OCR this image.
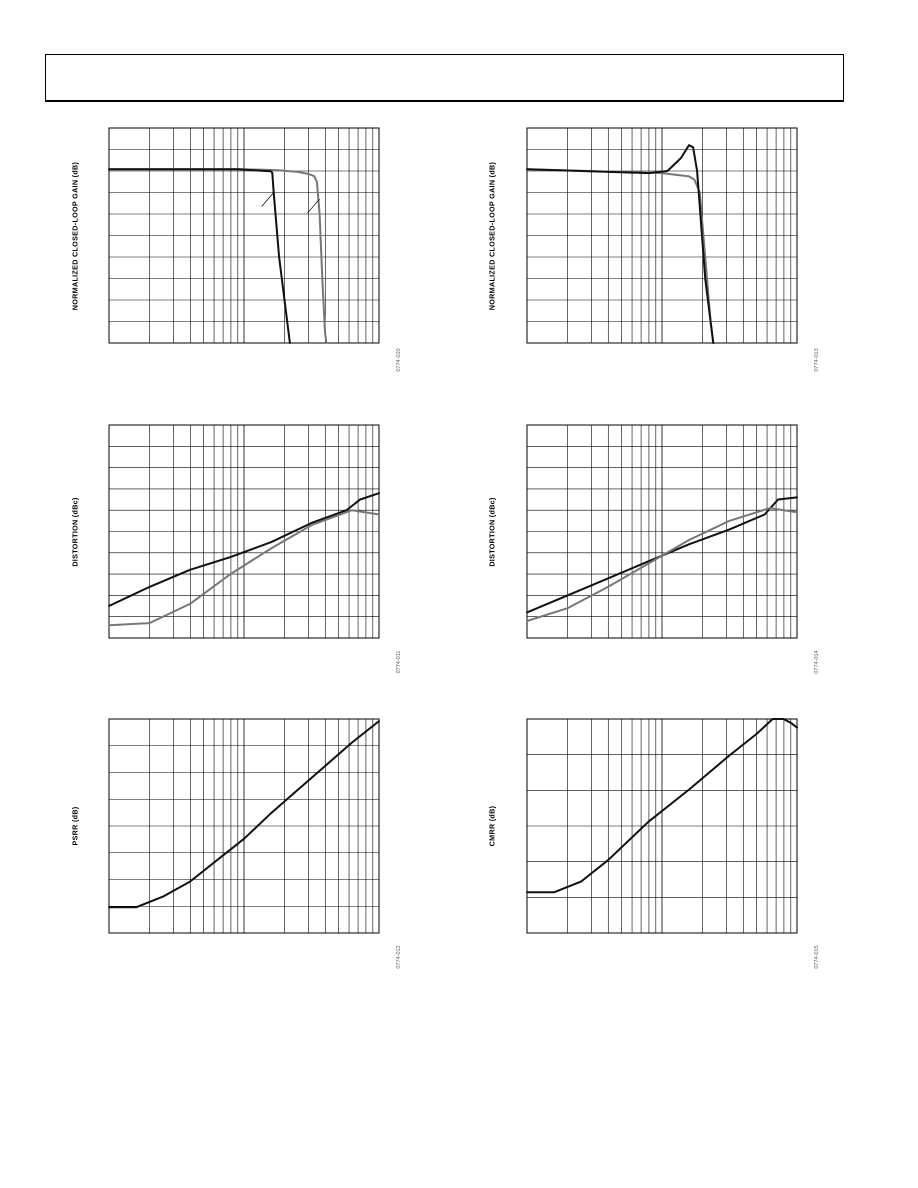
NORMALIZED CLOSED-LOOP GAIN (dB)
0774-010
NORMALIZED CLOSED-LOOP GAIN (dB)
0774-013
DISTORTION (dBc)
0774-011
DISTORTION (dBc)
0774-014
PSRR (dB)
0774-012
CMRR (dB)
0774-015
